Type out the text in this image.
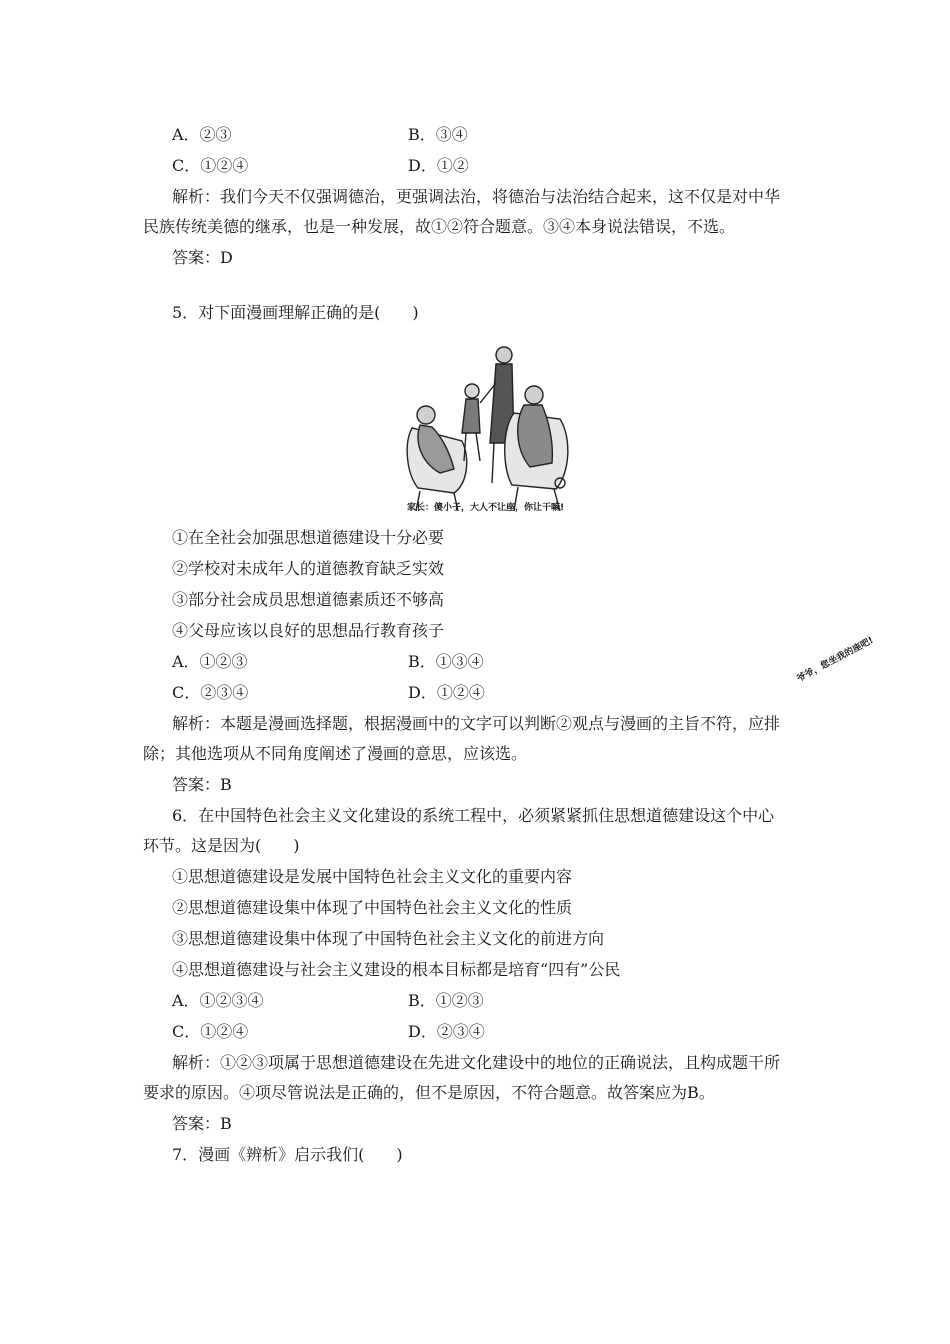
A．②③	B．③④
C．①②④	D．①②
解析：我们今天不仅强调德治，更强调法治，将德治与法治结合起来，这不仅是对中华
民族传统美德的继承，也是一种发展，故①②符合题意。③④本身说法错误，不选。
答案：D
5．对下面漫画理解正确的是(　　)
爷爷，您坐我的座吧!
家长：傻小子，大人不让座，你让干嘛!
①在全社会加强思想道德建设十分必要
②学校对未成年人的道德教育缺乏实效
③部分社会成员思想道德素质还不够高
④父母应该以良好的思想品行教育孩子
A．①②③	B．①③④
C．②③④	D．①②④
解析：本题是漫画选择题，根据漫画中的文字可以判断②观点与漫画的主旨不符，应排
除；其他选项从不同角度阐述了漫画的意思，应该选。
答案：B
6．在中国特色社会主义文化建设的系统工程中，必须紧紧抓住思想道德建设这个中心
环节。这是因为(　　)
①思想道德建设是发展中国特色社会主义文化的重要内容
②思想道德建设集中体现了中国特色社会主义文化的性质
③思想道德建设集中体现了中国特色社会主义文化的前进方向
④思想道德建设与社会主义建设的根本目标都是培育“四有”公民
A．①②③④	B．①②③
C．①②④	D．②③④
解析：①②③项属于思想道德建设在先进文化建设中的地位的正确说法，且构成题干所
要求的原因。④项尽管说法是正确的，但不是原因，不符合题意。故答案应为B。
答案：B
7．漫画《辨析》启示我们(　　)
